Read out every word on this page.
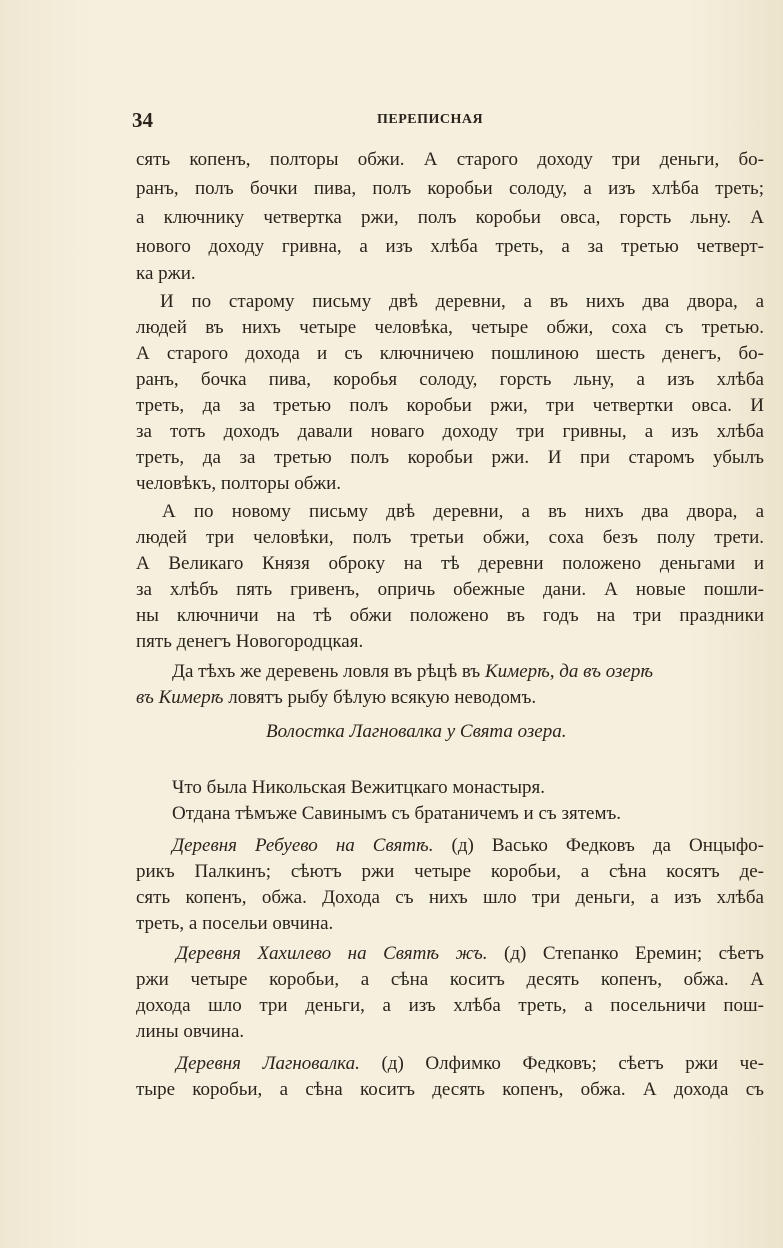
34	ПЕРЕПИСНАЯ
сять копенъ, полторы обжи. А старого доходу три деньги, бо-
ранъ, полъ бочки пива, полъ коробьи солоду, а изъ хлѣба треть;
а ключнику четвертка ржи, полъ коробьи овса, горсть льну. А
нового доходу гривна, а изъ хлѣба треть, а за третью четверт-
ка ржи.
И по старому письму двѣ деревни, а въ нихъ два двора, а
людей въ нихъ четыре человѣка, четыре обжи, соха съ третью.
А старого дохода и съ ключничею пошлиною шесть денегъ, бо-
ранъ, бочка пива, коробья солоду, горсть льну, а изъ хлѣба
треть, да за третью полъ коробьи ржи, три четвертки овса. И
за тотъ доходъ давали новаго доходу три гривны, а изъ хлѣба
треть, да за третью полъ коробьи ржи. И при старомъ убылъ
человѣкъ, полторы обжи.
А по новому письму двѣ деревни, а въ нихъ два двора, а
людей три человѣки, полъ третьи обжи, соха безъ полу трети.
А Великаго Князя оброку на тѣ деревни положено деньгами и
за хлѣбъ пять гривенъ, опричь обежные дани. А новые пошли-
ны ключничи на тѣ обжи положено въ годъ на три праздники
пять денегъ Новогородцкая.
Да тѣхъ же деревень ловля въ рѣцѣ въ Кимерѣ, да въ озерѣ
въ Кимерѣ ловятъ рыбу бѣлую всякую неводомъ.
Волостка Лагновалка у Свята озера.
Что была Никольская Вежитцкаго монастыря.
Отдана тѣмъже Савинымъ съ братаничемъ и съ зятемъ.
Деревня Ребуево на Святѣ. (д) Васько Федковъ да Онцыфо-
рикъ Палкинъ; сѣютъ ржи четыре коробьи, а сѣна косятъ де-
сять копенъ, обжа. Дохода съ нихъ шло три деньги, а изъ хлѣба
треть, а посельи овчина.
Деревня Хахилево на Святѣ жъ. (д) Степанко Еремин; сѣетъ
ржи четыре коробьи, а сѣна коситъ десять копенъ, обжа. А
дохода шло три деньги, а изъ хлѣба треть, а посельничи пош-
лины овчина.
Деревня Лагновалка. (д) Олфимко Федковъ; сѣетъ ржи че-
тыре коробьи, а сѣна коситъ десять копенъ, обжа. А дохода съ
